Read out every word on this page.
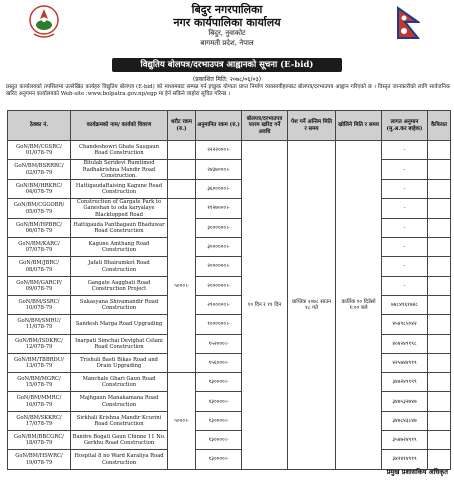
बिदुर नगरपालिका
नगर कार्यपालिका कार्यालय
बिदुर, नुवाकोट
बागमती प्रदेश, नेपाल
विद्युतिय बोलपत्र/दरभाउपत्र आह्वानको सूचना (E-bid)
(प्रकाशित मिति: २०७८/०६/०३)
प्रस्तुत कार्यालयको तपसिलमा उल्लेखित कार्यहरु विद्युतिय बोलपत्र (E-bid) को माध्यमबाट सम्पन्न गर्न इच्छुक योग्यता प्राप्त निर्माण व्यवसायीहरुबाट बोलपत्र/दरभाउपत्र आह्वान गरिएको छ । विस्तृत जानकारीको लागि सार्वजनिक खरिद अनुगमन कार्यालयको Web-site :www.bolpatra.gov.np/egp मा हेर्न सकिने व्यहोरा सूचित गरिन्छ ।
ठेक्का नं.	कार्यक्रमको नाम/ कार्यको विवरण	धरौट रकम (रु.)	अनुमानित रकम (रु.)	बोलपत्र/दरभाउपत्र फारम खरिद गर्ने अवधि	पेश गर्ने अन्तिम मिति र समय	खोलिने मिति र समय	लागत अनुमान (मु.अ.कर बाहेक)	कैफियत
GoN/BM/CGSRC/ 01/078-79	Chandeshowri Ghate Saugaun Road Construction		२२२२०००।-	१० दिन र ११ दिन	प्राप्तिक २०७८ साउन १८ गते	कार्तिक १० दिउँसो १:०० बजे	-	
GoN/BM/BSRRRC/ 02/078-79	Bitulab Seridevi Rumtimod Radhakrishna Mandir Road Construction.		२४३७०००।-				-	
GoN/BM/HRKRC/ 04/078-79	HattigaudaRaising Kagune Road Construction		३६०००००।-				-	
GoN/BM/CGGOBR/ 05/078-79	Construction of Gargate Park to Ganeshan to oda karyalaye Blacktopped Road	५०००।-	११२७०००।-				-	
GoN/BM/HPBRC/ 06/078-79	Hattigauda Panthagaun Bhaduwar Road Construction		३००००००।-				-	
GoN/BM/KARC/ 07/078-79	Kagune Amthang Road Construction		३००००००।-				-	
GoN/BM/JBRC/ 08/078-79	Jafati Bhairamkot Road Construction		२००००००।-				-	
GoN/BM/GARCP/ 09/078-79	Gangate Aagghati Road Construction Project		२००००००।-				-	
GoN/BM/SSRC/ 10/078-79	Sukasyana Shivamandir Road Construction		२९०००००।-				७४८४९६१७४८	
GoN/BM/SMRU/ 11/078-79	Sandesh Marga Road Upgrading		१००००००।-				४५४९८५०४२	
GoN/BM/ISDKRC/ 12/078-79	Inarpati Simchai Devighat Celani Road Construction		१५२०००।-				४०४२४९१९८	
GoN/BM/TBBRDU/ 13/078-79	Trishuli Basti Bikas Road and Drain Upgrading		१५६०००।-				४२५७४४९१९	
GoN/BM/MGRC/ 15/078-79	Manchale Ghari Gaun Road Construction	५०००।-	१३००००।-				३४७२४९१९९	
GoN/BM/MMRC/ 16/078-79	Majhgaun Manakamana Road Construction		१३००००।-				३४७५३२७४७	
GoN/BM/SKKRC/ 17/078-79	Sirkhali Krishna Mandir Kcurini Road Construction		१३००००।-				३४७८४३८४७	
GoN/BM/BBCGRC/ 18/078-79	Bandre Bogati Gaun Chinne 11 No. Gerkhu Road Construction		१३००००।-				३५४७२४९१९	
GoN/BM/HSWRC/ 19/078-79	Hospital 8 no Ward Karaliya Road Construction		१३००००।-				३४२४१४९१९	
प्रमुख प्रशासकिय अधिकृत
